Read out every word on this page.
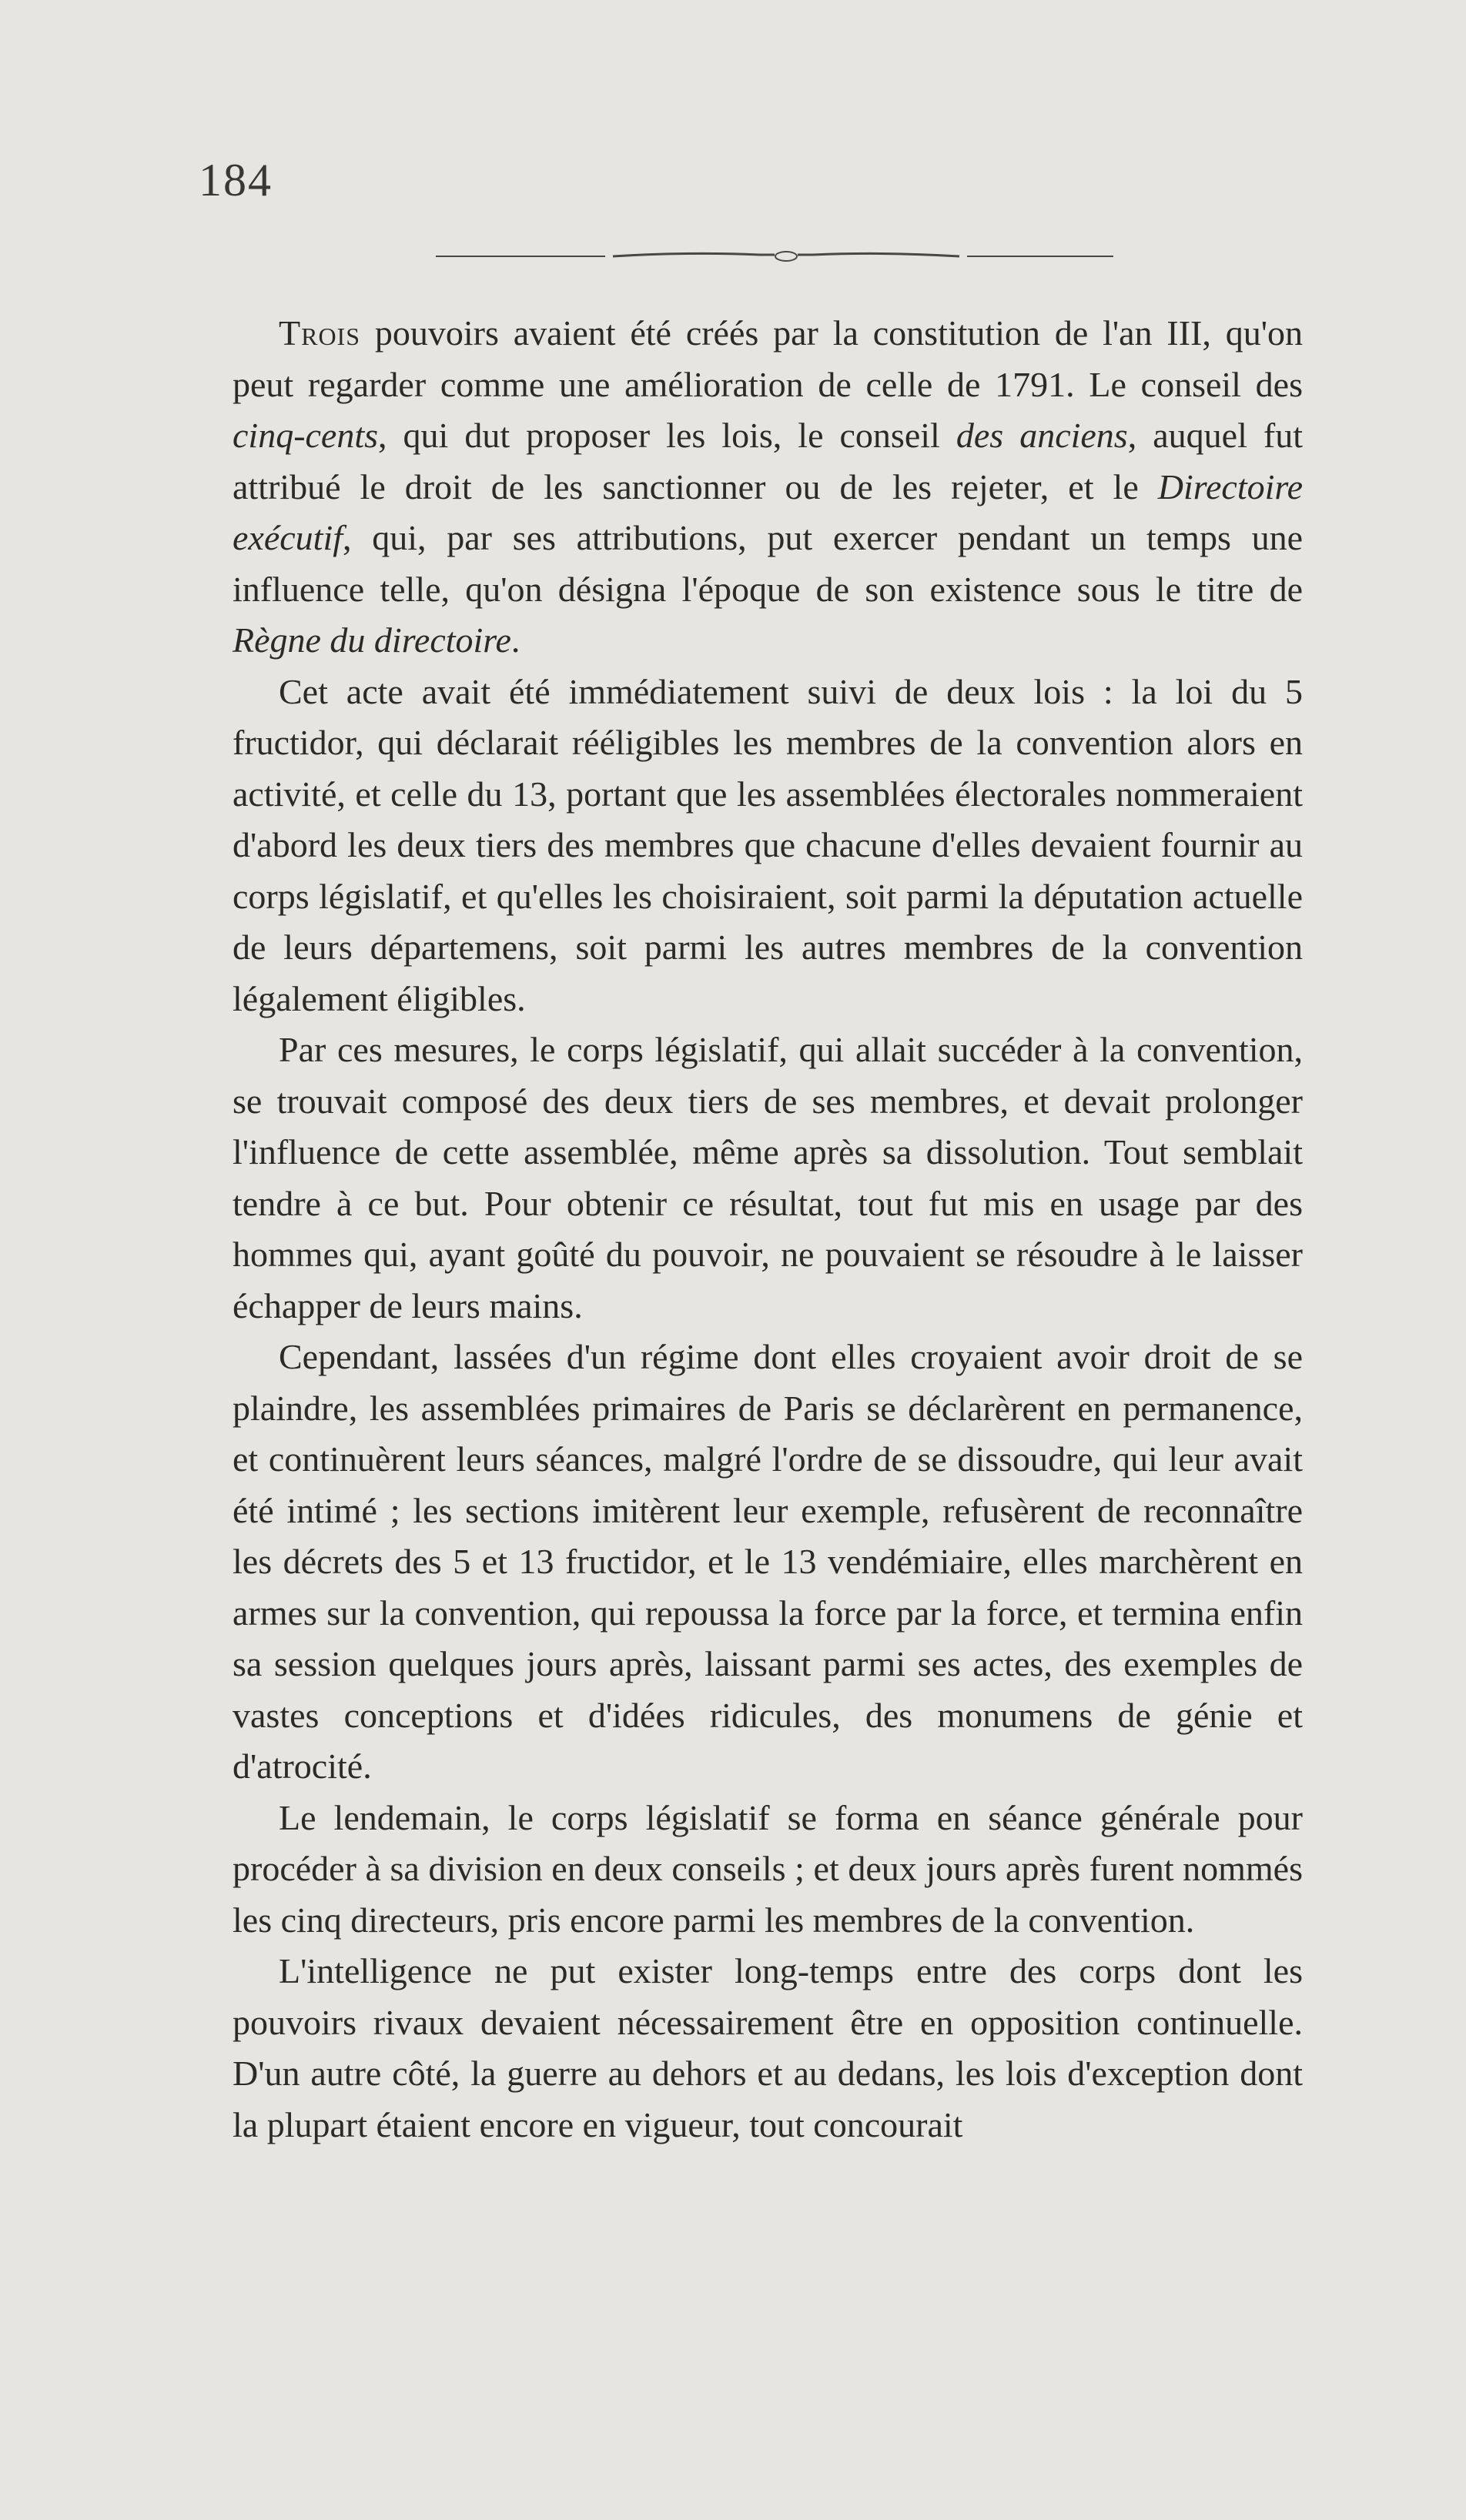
184

Trois pouvoirs avaient été créés par la constitution de l'an III, qu'on peut regarder comme une amélioration de celle de 1791. Le conseil des cinq-cents, qui dut proposer les lois, le conseil des anciens, auquel fut attribué le droit de les sanctionner ou de les rejeter, et le Directoire exécutif, qui, par ses attributions, put exercer pendant un temps une influence telle, qu'on désigna l'époque de son existence sous le titre de Règne du directoire.

Cet acte avait été immédiatement suivi de deux lois : la loi du 5 fructidor, qui déclarait rééligibles les membres de la convention alors en activité, et celle du 13, portant que les assemblées électorales nommeraient d'abord les deux tiers des membres que chacune d'elles devaient fournir au corps législatif, et qu'elles les choisiraient, soit parmi la députation actuelle de leurs départemens, soit parmi les autres membres de la convention légalement éligibles.

Par ces mesures, le corps législatif, qui allait succéder à la convention, se trouvait composé des deux tiers de ses membres, et devait prolonger l'influence de cette assemblée, même après sa dissolution. Tout semblait tendre à ce but. Pour obtenir ce résultat, tout fut mis en usage par des hommes qui, ayant goûté du pouvoir, ne pouvaient se résoudre à le laisser échapper de leurs mains.

Cependant, lassées d'un régime dont elles croyaient avoir droit de se plaindre, les assemblées primaires de Paris se déclarèrent en permanence, et continuèrent leurs séances, malgré l'ordre de se dissoudre, qui leur avait été intimé ; les sections imitèrent leur exemple, refusèrent de reconnaître les décrets des 5 et 13 fructidor, et le 13 vendémiaire, elles marchèrent en armes sur la convention, qui repoussa la force par la force, et termina enfin sa session quelques jours après, laissant parmi ses actes, des exemples de vastes conceptions et d'idées ridicules, des monumens de génie et d'atrocité.

Le lendemain, le corps législatif se forma en séance générale pour procéder à sa division en deux conseils ; et deux jours après furent nommés les cinq directeurs, pris encore parmi les membres de la convention.

L'intelligence ne put exister long-temps entre des corps dont les pouvoirs rivaux devaient nécessairement être en opposition continuelle. D'un autre côté, la guerre au dehors et au dedans, les lois d'exception dont la plupart étaient encore en vigueur, tout concourait
